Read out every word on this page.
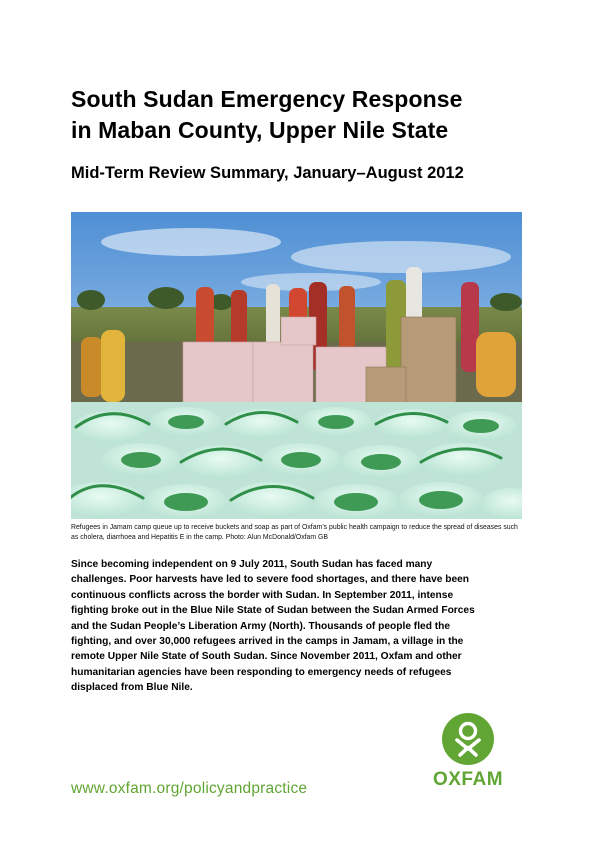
South Sudan Emergency Response
in Maban County, Upper Nile State
Mid-Term Review Summary, January–August 2012

Refugees in Jamam camp queue up to receive buckets and soap as part of Oxfam’s public health campaign to reduce the spread of diseases such as cholera, diarrhoea and Hepatitis E in the camp. Photo: Alun McDonald/Oxfam GB

Since becoming independent on 9 July 2011, South Sudan has faced many
challenges. Poor harvests have led to severe food shortages, and there have been
continuous conflicts across the border with Sudan. In September 2011, intense
fighting broke out in the Blue Nile State of Sudan between the Sudan Armed Forces
and the Sudan People’s Liberation Army (North). Thousands of people fled the
fighting, and over 30,000 refugees arrived in the camps in Jamam, a village in the
remote Upper Nile State of South Sudan. Since November 2011, Oxfam and other
humanitarian agencies have been responding to emergency needs of refugees
displaced from Blue Nile.
www.oxfam.org/policyandpractice	OXFAM
